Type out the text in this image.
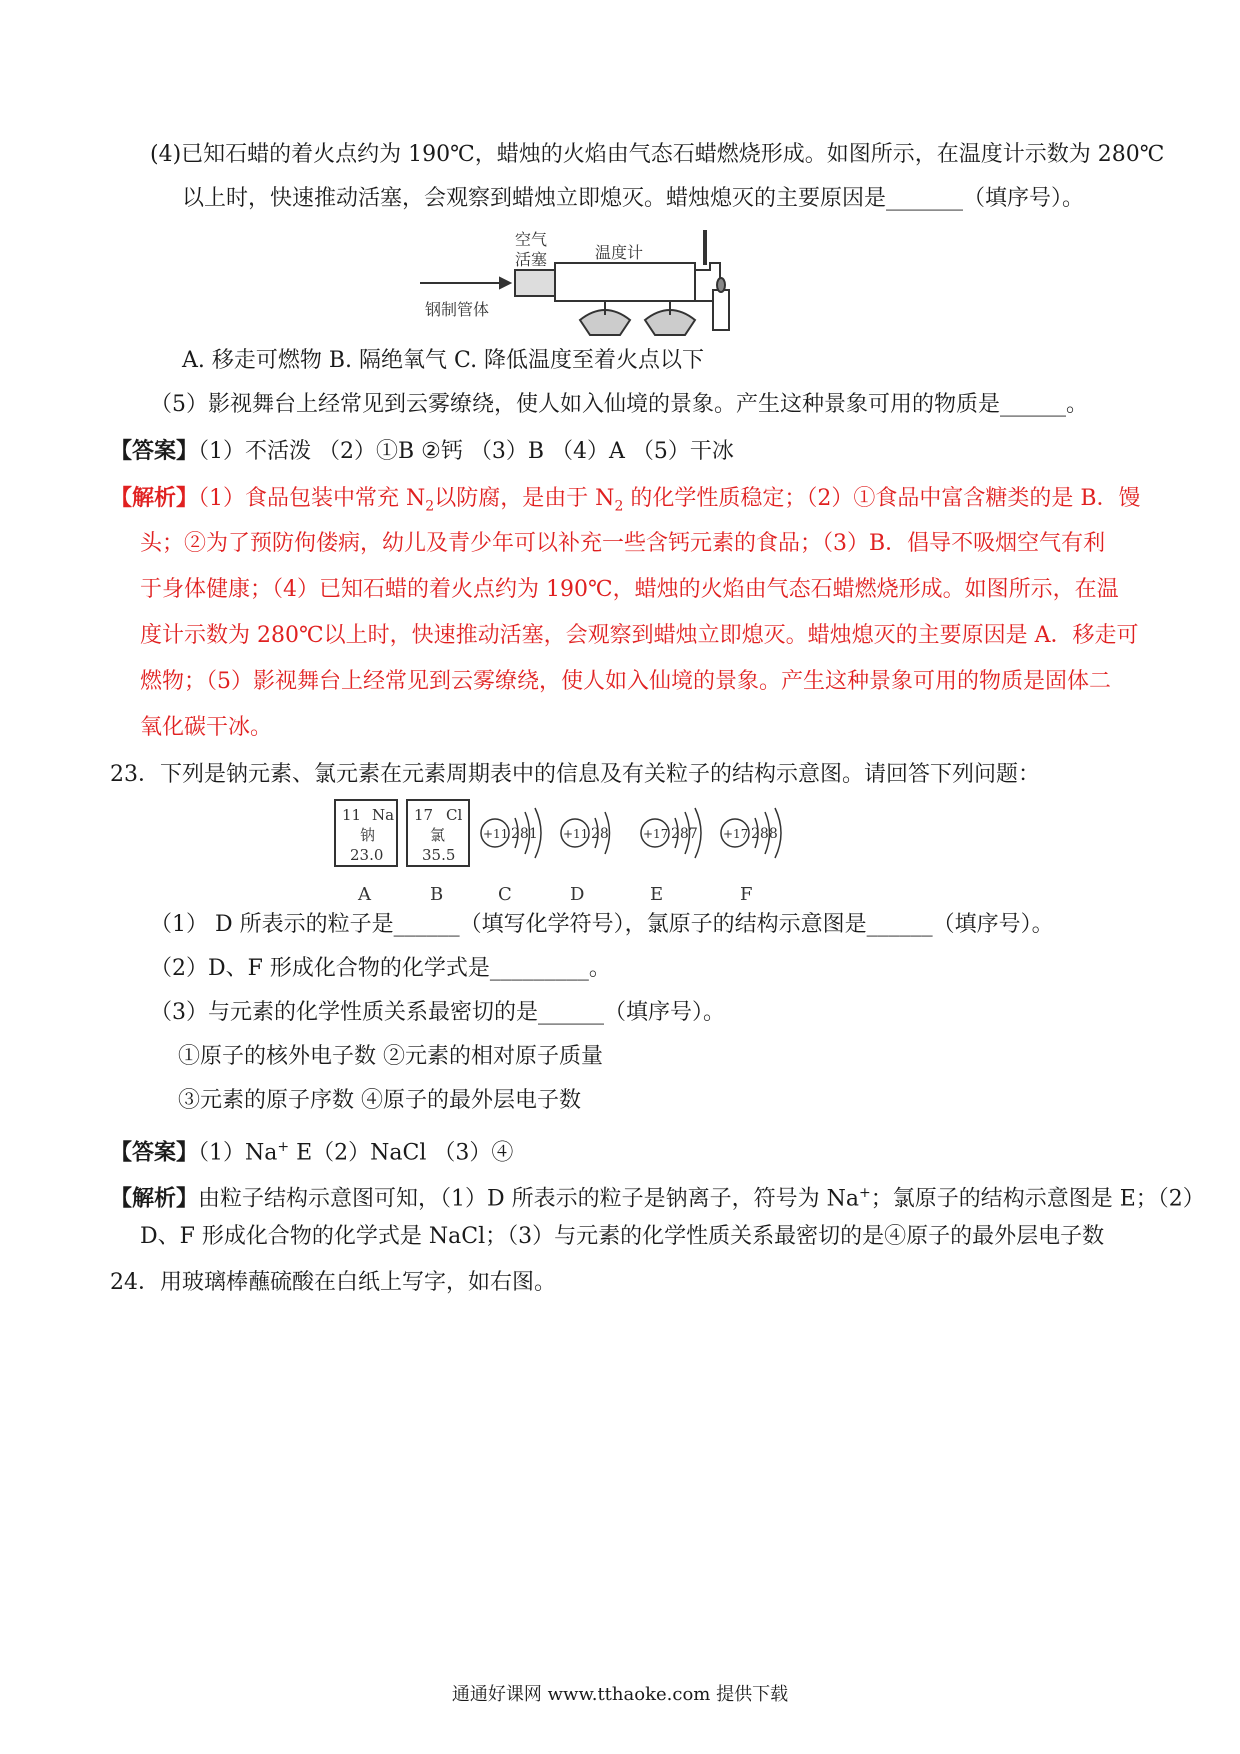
(4)已知石蜡的着火点约为 190℃，蜡烛的火焰由气态石蜡燃烧形成。如图所示，在温度计示数为 280℃
以上时，快速推动活塞，会观察到蜡烛立即熄灭。蜡烛熄灭的主要原因是_______（填序号）。
空气
温度计
活塞
钢制管体
A. 移走可燃物 B. 隔绝氧气 C. 降低温度至着火点以下
（5）影视舞台上经常见到云雾缭绕，使人如入仙境的景象。产生这种景象可用的物质是______。
【答案】（1）不活泼 （2）①B ②钙 （3）B （4）A （5）干冰
【解析】（1）食品包装中常充 $N_2$以防腐，是由于 $N_2$ 的化学性质稳定；（2）①食品中富含糖类的是 B．馒
头；②为了预防佝偻病，幼儿及青少年可以补充一些含钙元素的食品；（3）B．倡导不吸烟空气有利
于身体健康；（4）已知石蜡的着火点约为 190℃，蜡烛的火焰由气态石蜡燃烧形成。如图所示，在温
度计示数为 280℃以上时，快速推动活塞，会观察到蜡烛立即熄灭。蜡烛熄灭的主要原因是 A．移走可
燃物；（5）影视舞台上经常见到云雾缭绕，使人如入仙境的景象。产生这种景象可用的物质是固体二
氧化碳干冰。
23．下列是钠元素、氯元素在元素周期表中的信息及有关粒子的结构示意图。请回答下列问题：
11 Na
钠
23.0
17 Cl
氯
35.5
+11 281 +11 28	+17 287 +17 288
A	B	C	D	E	F
（1） D 所表示的粒子是______（填写化学符号），氯原子的结构示意图是______（填序号）。
（2）D、F 形成化合物的化学式是_________。
（3）与元素的化学性质关系最密切的是______（填序号）。
①原子的核外电子数 ②元素的相对原子质量
③元素的原子序数 ④原子的最外层电子数
【答案】（1）Na+ E（2）NaCl （3）④
【解析】由粒子结构示意图可知，（1）D 所表示的粒子是钠离子，符号为 Na+；氯原子的结构示意图是 E；（2）
D、F 形成化合物的化学式是 NaCl；（3）与元素的化学性质关系最密切的是④原子的最外层电子数
24．用玻璃棒蘸硫酸在白纸上写字，如右图。
通通好课网 www.tthaoke.com 提供下载
